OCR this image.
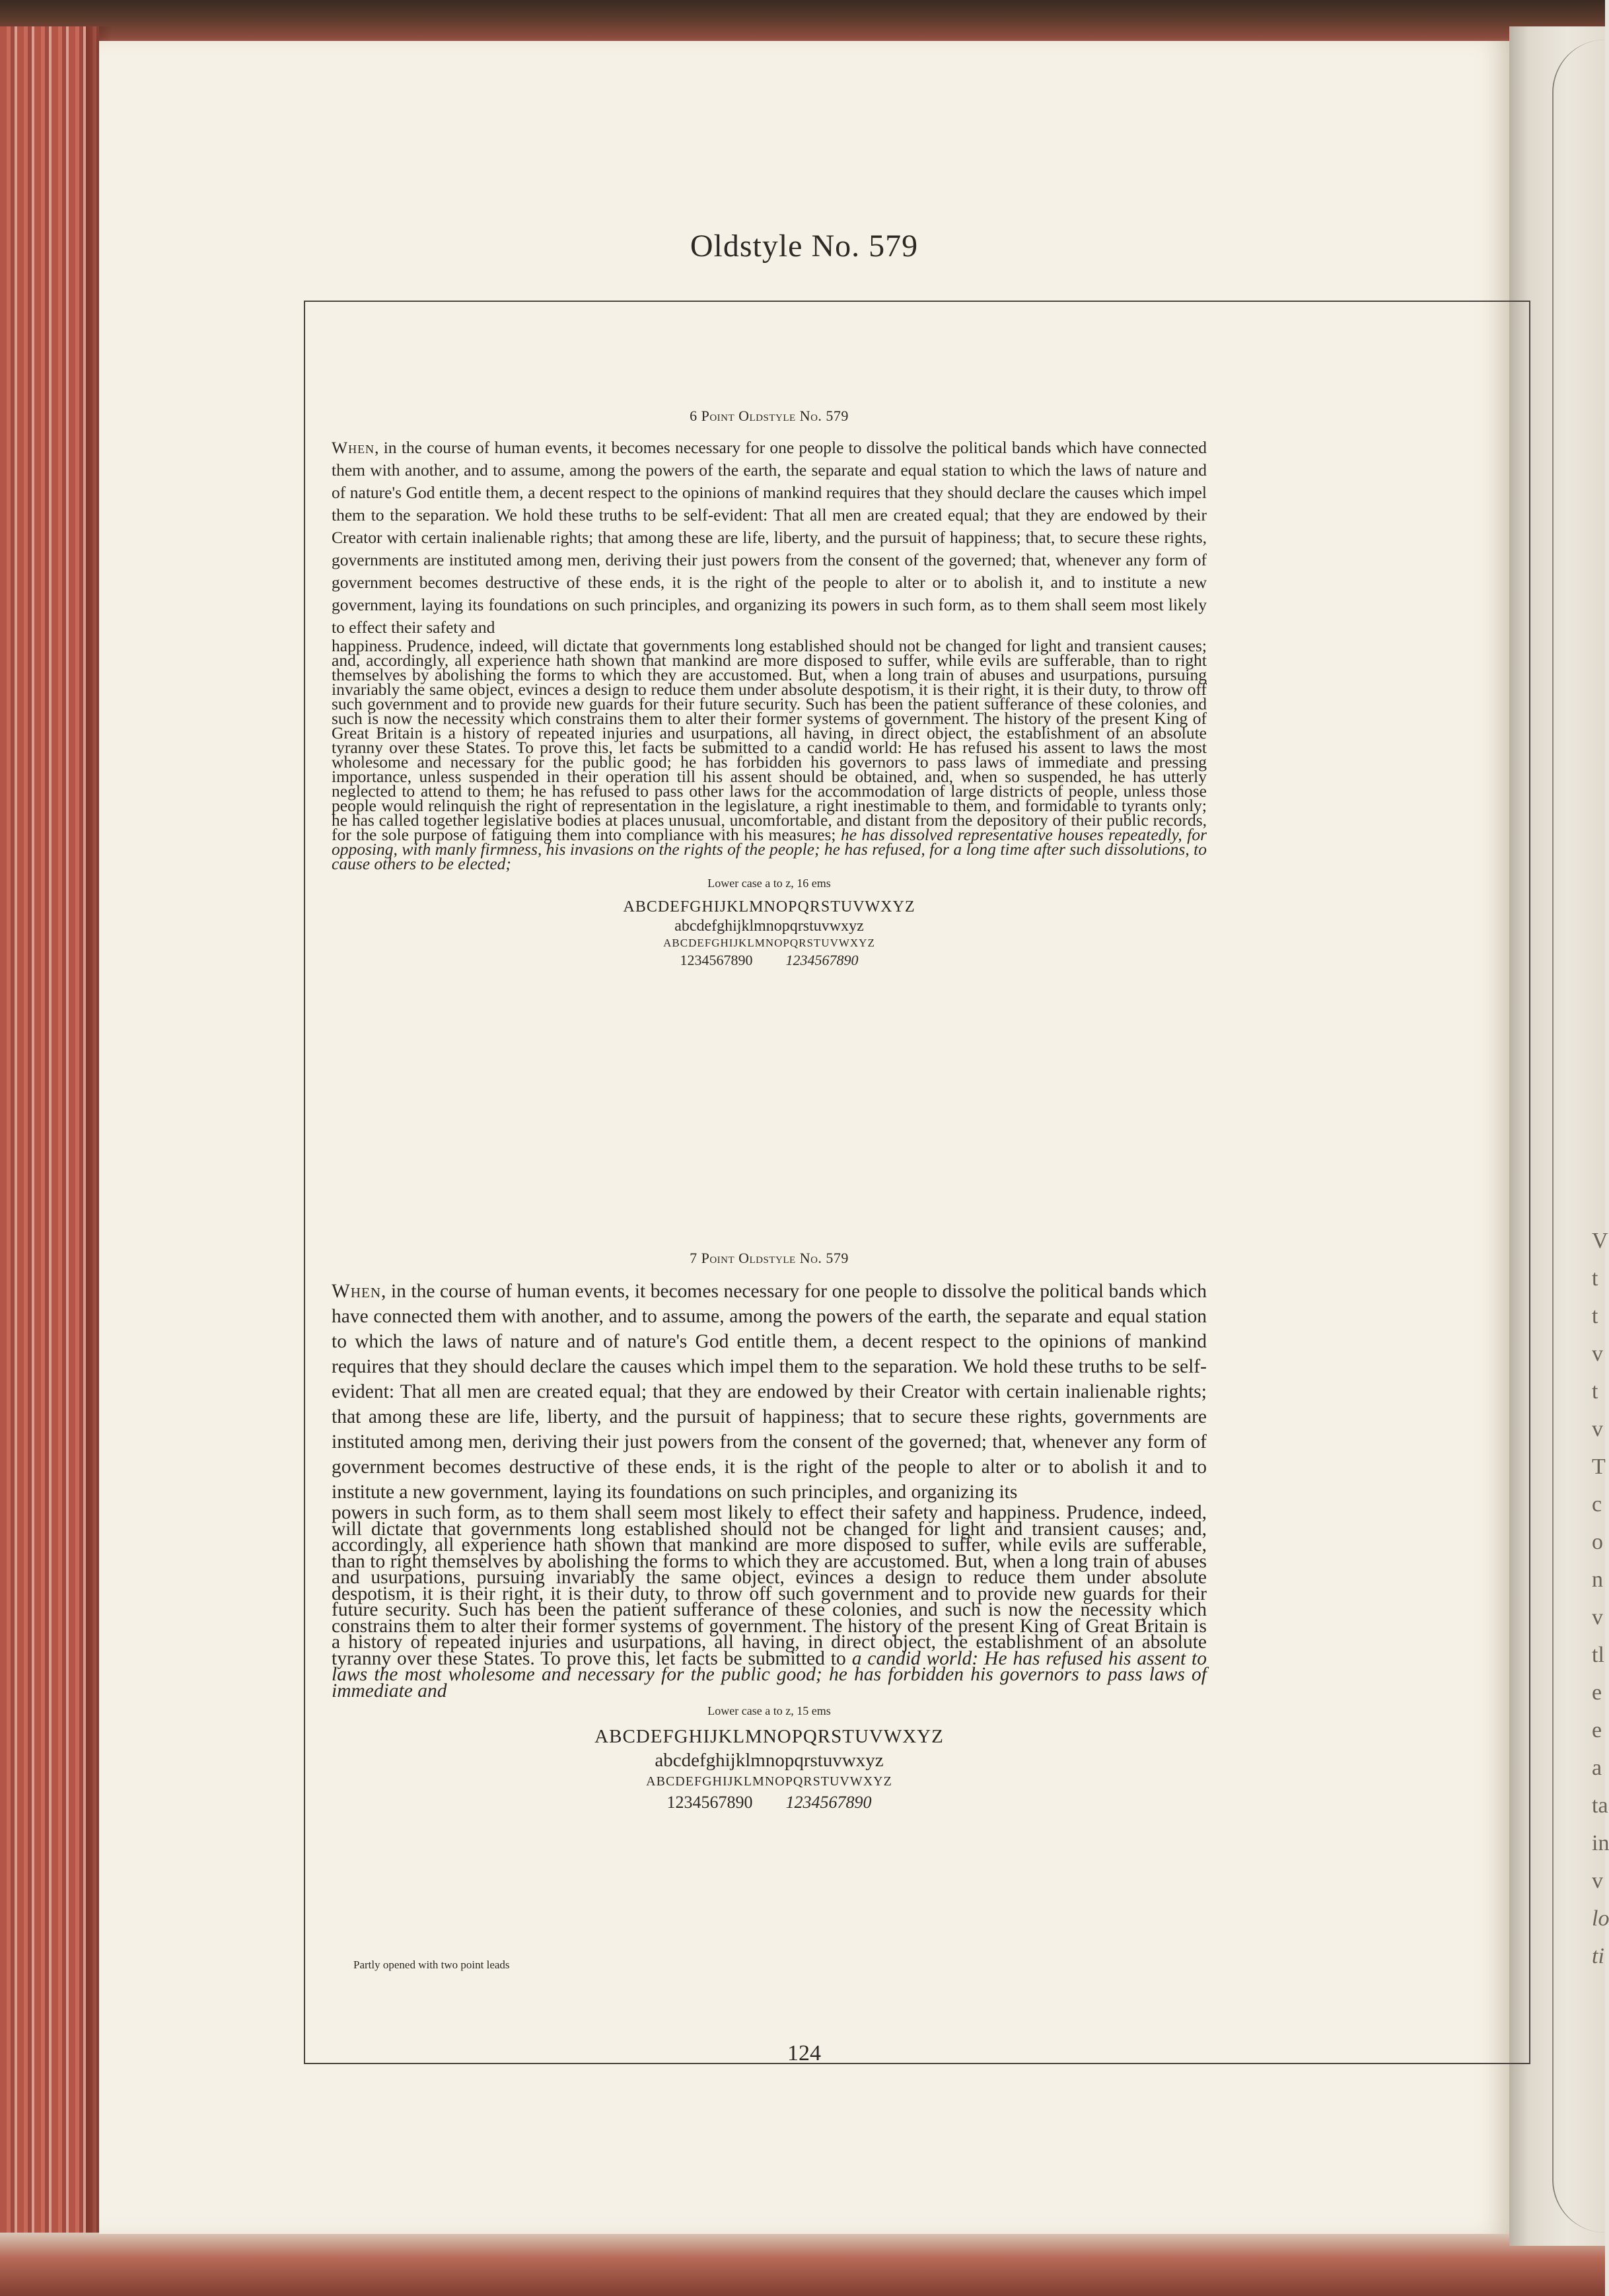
V
t
t
v
t
v
T
c
o
n
v
tl
e
e
a
ta
in
v
lo
ti
Oldstyle No. 579
6 Point Oldstyle No. 579

When, in the course of human events, it becomes necessary for one people to dissolve the political bands which have connected them with another, and to assume, among the powers of the earth, the separate and equal station to which the laws of nature and of nature's God entitle them, a decent respect to the opinions of mankind requires that they should declare the causes which impel them to the separation. We hold these truths to be self-evident: That all men are created equal; that they are endowed by their Creator with certain inalienable rights; that among these are life, liberty, and the pursuit of happiness; that, to secure these rights, governments are instituted among men, deriving their just powers from the consent of the governed; that, whenever any form of government becomes destructive of these ends, it is the right of the people to alter or to abolish it, and to institute a new government, laying its foundations on such principles, and organizing its powers in such form, as to them shall seem most likely to effect their safety and

happiness. Prudence, indeed, will dictate that governments long established should not be changed for light and transient causes; and, accordingly, all experience hath shown that mankind are more disposed to suffer, while evils are sufferable, than to right themselves by abolishing the forms to which they are accustomed. But, when a long train of abuses and usurpations, pursuing invariably the same object, evinces a design to reduce them under absolute despotism, it is their right, it is their duty, to throw off such government and to provide new guards for their future security. Such has been the patient sufferance of these colonies, and such is now the necessity which constrains them to alter their former systems of government. The history of the present King of Great Britain is a history of repeated injuries and usurpations, all having, in direct object, the establishment of an absolute tyranny over these States. To prove this, let facts be submitted to a candid world: He has refused his assent to laws the most wholesome and necessary for the public good; he has forbidden his governors to pass laws of immediate and pressing importance, unless suspended in their operation till his assent should be obtained, and, when so suspended, he has utterly neglected to attend to them; he has refused to pass other laws for the accommodation of large districts of people, unless those people would relinquish the right of representation in the legislature, a right inestimable to them, and formidable to tyrants only; he has called together legislative bodies at places unusual, uncomfortable, and distant from the depository of their public records, for the sole purpose of fatiguing them into compliance with his measures; he has dissolved representative houses repeatedly, for opposing, with manly firmness, his invasions on the rights of the people; he has refused, for a long time after such dissolutions, to cause others to be elected;

Lower case a to z, 16 ems
ABCDEFGHIJKLMNOPQRSTUVWXYZ
abcdefghijklmnopqrstuvwxyz
ABCDEFGHIJKLMNOPQRSTUVWXYZ
1234567890 1234567890
7 Point Oldstyle No. 579

When, in the course of human events, it becomes necessary for one people to dissolve the political bands which have connected them with another, and to assume, among the powers of the earth, the separate and equal station to which the laws of nature and of nature's God entitle them, a decent respect to the opinions of mankind requires that they should declare the causes which impel them to the separation. We hold these truths to be self-evident: That all men are created equal; that they are endowed by their Creator with certain inalienable rights; that among these are life, liberty, and the pursuit of happiness; that to secure these rights, governments are instituted among men, deriving their just powers from the consent of the governed; that, whenever any form of government becomes destructive of these ends, it is the right of the people to alter or to abolish it and to institute a new government, laying its foundations on such principles, and organizing its

powers in such form, as to them shall seem most likely to effect their safety and happiness. Prudence, indeed, will dictate that governments long established should not be changed for light and transient causes; and, accordingly, all experience hath shown that mankind are more disposed to suffer, while evils are sufferable, than to right themselves by abolishing the forms to which they are accustomed. But, when a long train of abuses and usurpations, pursuing invariably the same object, evinces a design to reduce them under absolute despotism, it is their right, it is their duty, to throw off such government and to provide new guards for their future security. Such has been the patient sufferance of these colonies, and such is now the necessity which constrains them to alter their former systems of government. The history of the present King of Great Britain is a history of repeated injuries and usurpations, all having, in direct object, the establishment of an absolute tyranny over these States. To prove this, let facts be submitted to a candid world: He has refused his assent to laws the most wholesome and necessary for the public good; he has forbidden his governors to pass laws of immediate and

Lower case a to z, 15 ems
ABCDEFGHIJKLMNOPQRSTUVWXYZ
abcdefghijklmnopqrstuvwxyz
ABCDEFGHIJKLMNOPQRSTUVWXYZ
1234567890 1234567890

Partly opened with two point leads

124
